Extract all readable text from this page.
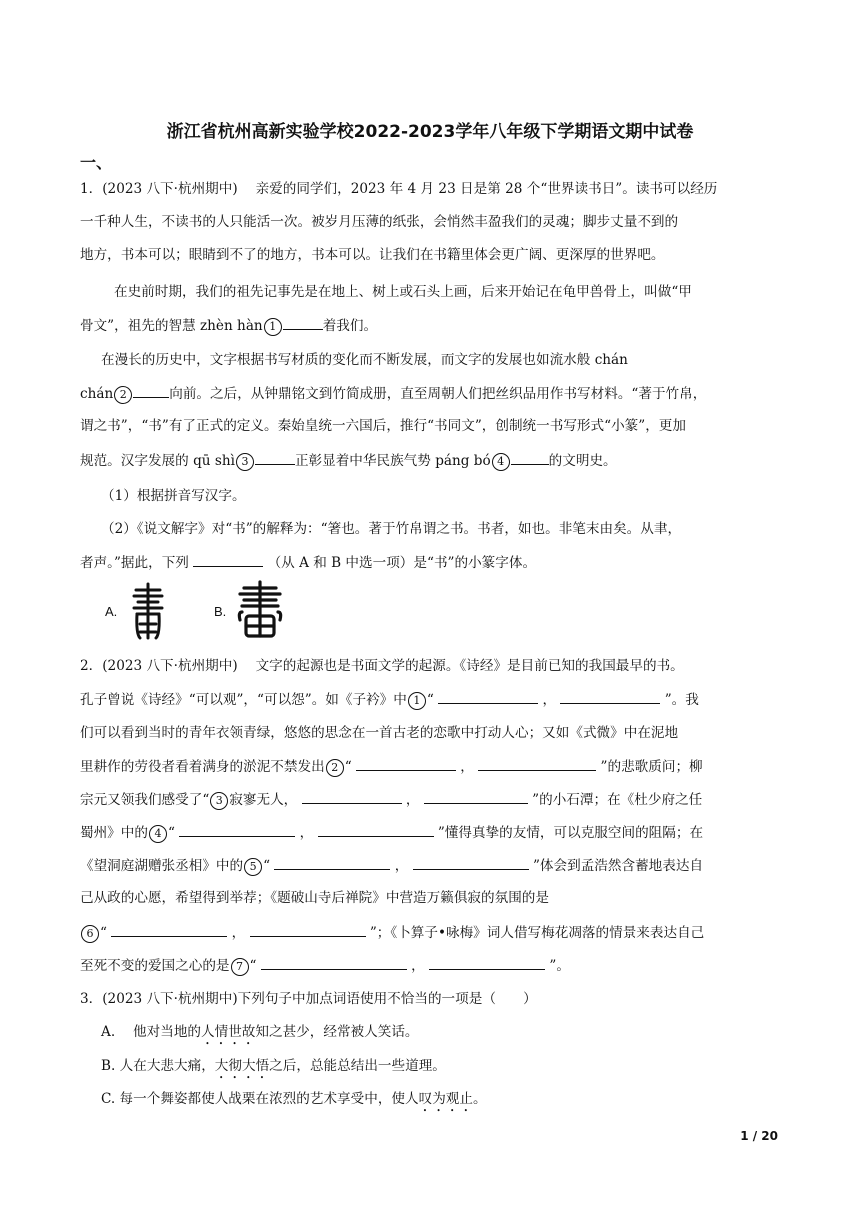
浙江省杭州高新实验学校2022-2023学年八年级下学期语文期中试卷
一、
1．(2023 八下·杭州期中)　 亲爱的同学们，2023 年 4 月 23 日是第 28 个“世界读书日”。读书可以经历
一千种人生，不读书的人只能活一次。被岁月压薄的纸张，会悄然丰盈我们的灵魂；脚步丈量不到的
地方，书本可以；眼睛到不了的地方，书本可以。让我们在书籍里体会更广阔、更深厚的世界吧。
在史前时期，我们的祖先记事先是在地上、树上或石头上画，后来开始记在龟甲兽骨上，叫做“甲
骨文”，祖先的智慧 zhèn hàn 1	着我们。
在漫长的历史中，文字根据书写材质的变化而不断发展，而文字的发展也如流水般 chán
chán 2	向前。之后，从钟鼎铭文到竹简成册，直至周朝人们把丝织品用作书写材料。“著于竹帛，
谓之书”，“书”有了正式的定义。秦始皇统一六国后，推行“书同文”，创制统一书写形式“小篆”，更加
规范。汉字发展的 qū shì 3	正彰显着中华民族气势 páng bó 4	的文明史。
（1）根据拼音写汉字。
（2）《说文解字》对“书”的解释为：“箸也。著于竹帛谓之书。书者，如也。非笔末由矣。从聿，
者声。”据此，下列	（从 A 和 B 中选一项）是“书”的小篆字体。
A.	B.
2．(2023 八下·杭州期中)　 文字的起源也是书面文学的起源。《诗经》是目前已知的我国最早的书。
孔子曾说《诗经》“可以观”，“可以怨”。如《子衿》中 1 “	，	”。我
们可以看到当时的青年衣领青绿，悠悠的思念在一首古老的恋歌中打动人心；又如《式微》中在泥地
里耕作的劳役者看着满身的淤泥不禁发出 2 “	，	”的悲歌质问；柳
宗元又领我们感受了“ 3 寂寥无人，	，	”的小石潭；在《杜少府之任
蜀州》中的 4 “	，	”懂得真挚的友情，可以克服空间的阻隔；在
《望洞庭湖赠张丞相》中的 5 “	，	”体会到孟浩然含蓄地表达自
己从政的心愿，希望得到举荐；《题破山寺后禅院》中营造万籁俱寂的氛围的是
6 “	，	”；《卜算子•咏梅》词人借写梅花凋落的情景来表达自己
至死不变的爱国之心的是 7 “	，	”。
3．(2023 八下·杭州期中)下列句子中加点词语使用不恰当的一项是（　　）
A.　 他对当地的人情世故知之甚少，经常被人笑话。
B. 人在大悲大痛，大彻大悟之后，总能总结出一些道理。
C. 每一个舞姿都使人战栗在浓烈的艺术享受中，使人叹为观止。
1 / 20
